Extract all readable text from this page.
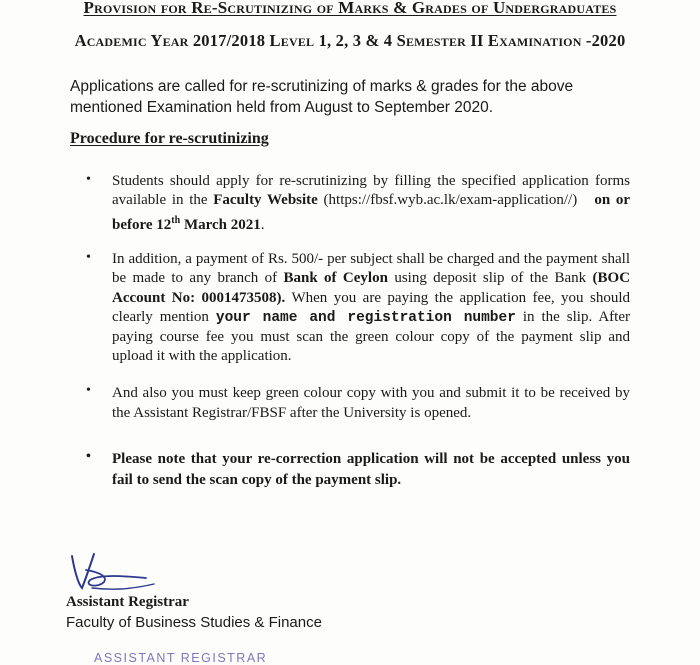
Provision for Re-Scrutinizing of Marks & Grades of Undergraduates
Academic Year 2017/2018 Level 1, 2, 3 & 4 Semester II Examination -2020
Applications are called for re-scrutinizing of marks & grades for the above mentioned Examination held from August to September 2020.
Procedure for re-scrutinizing
• Students should apply for re-scrutinizing by filling the specified application forms available in the Faculty Website (https://fbsf.wyb.ac.lk/exam-application//) on or before 12th March 2021.
• In addition, a payment of Rs. 500/- per subject shall be charged and the payment shall be made to any branch of Bank of Ceylon using deposit slip of the Bank (BOC Account No: 0001473508). When you are paying the application fee, you should clearly mention your name and registration number in the slip. After paying course fee you must scan the green colour copy of the payment slip and upload it with the application.
• And also you must keep green colour copy with you and submit it to be received by the Assistant Registrar/FBSF after the University is opened.
• Please note that your re-correction application will not be accepted unless you fail to send the scan copy of the payment slip.
Assistant Registrar
Faculty of Business Studies & Finance
ASSISTANT REGISTRAR
